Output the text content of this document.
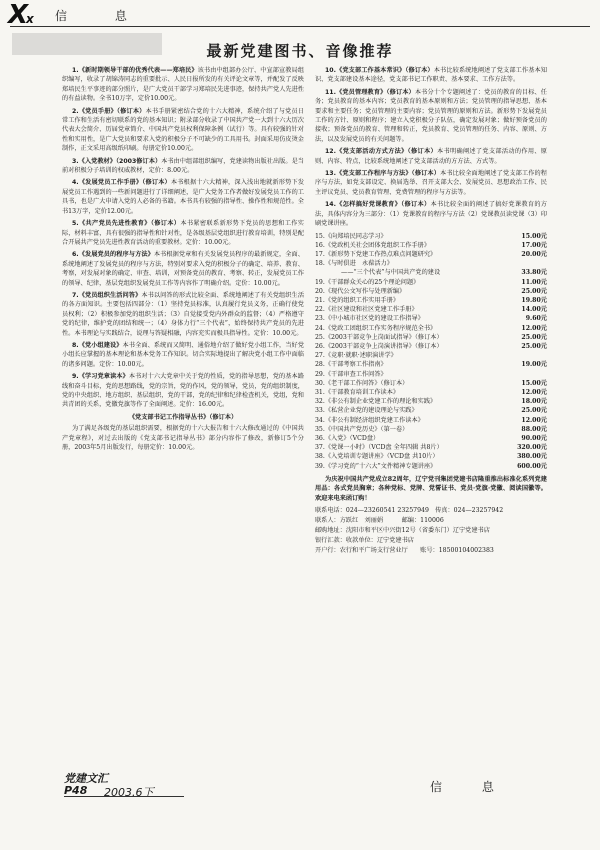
Xx 信 息
最新党建图书、音像推荐
1.《新时期领导干部的优秀代表——郑培民》该书由中组部办公厅、中宣部宣教局组织编写，收录了胡锦涛同志的重要批示、人民日报所发的有关评论文章等，并配发了反映郑培民生平事迹的部分照片，是广大党员干部学习郑培民先进事迹，保持共产党人先进性的有益读物。全书10万字，定价10.00元。
2.《党员手册》（修订本）本书手册紧密结合党的十六大精神，系统介绍了与党员日常工作和生活有密切联系的党的基本知识；附录部分收录了中国共产党一大到十六大历次代表大会简介、历届党章简介、中国共产党员权利保障条例（试行）等。具有较强的针对性和实用性，是广大党员和要求入党的积极分子不可缺少的工具用书。封面采用仿皮烫金制作，正文采用高级纸印刷。每册定价10.00元。
3.《入党教材》（2003修订本）本书由中组部组织编写，党建读物出版社出版。是当前对积极分子培训的权威教材，定价：8.00元。
4.《发展党员工作手册》（修订本）本书根据十六大精神，深入浅出地就新形势下发展党员工作遇到的一些新问题进行了详细阐述，是广大党务工作者做好发展党员工作的工具书，也是广大申请入党的人必备的书籍。本书具有较强的指导性、操作性和规范性。全书13万字，定价12.00元。
5.《共产党员先进性教育》（修订本）本书紧密联系新形势下党员的思想和工作实际，材料丰富，具有很强的指导性和针对性，是各级基层党组织进行教育培训，特别是配合开展共产党员先进性教育活动的重要教材。定价：10.00元。
6.《发展党员的程序与方法》本书根据党章和有关发展党员程序的最新规定，全面、系统地阐述了发展党员的程序与方法，特别对要求入党的积极分子的确定、培养、教育、考察，对发展对象的确定、审查、培训，对预备党员的教育、考察、转正，发展党员工作的领导、纪律，基层党组织发展党员工作等内容作了明确介绍。定价：10.00元。
7.《党员组织生活问答》本书以问答的形式比较全面、系统地阐述了有关党组织生活的各方面知识。主要包括四部分：（1）坚持党员标准，认真履行党员义务，正确行使党员权利；（2）积极参加党的组织生活；（3）自觉接受党内外群众的监督；（4）严格遵守党的纪律，维护党的团结和统一；（4）身体力行“三个代表”，始终保持共产党员的先进性。本书理论与实践结合，说理与答疑相融，内容充实而极具指导性。定价：10.00元。
8.《党小组建设》本书全面、系统而又简明、通俗地介绍了做好党小组工作，当好党小组长应掌握的基本理论和基本党务工作知识。切合实际地提出了解决党小组工作中面临的诸多问题。定价：10.00元。
9.《学习党章读本》本书对十六大党章中关于党的性质，党的指导思想，党的基本路线和奋斗目标，党的思想路线，党的宗旨，党的作风，党的领导，党员，党的组织制度，党的中央组织、地方组织、基层组织，党的干部，党的纪律和纪律检查机关，党组，党和共青团的关系，党徽党旗等作了全面阐述。定价：16.00元。
《党支部书记工作指导丛书》（修订本）
为了满足各级党的基层组织需要，根据党的十六大报告和十六大修改通过的《中国共产党章程》，对过去出版的《党支部书记指导丛书》部分内容作了修改，新修订5个分册，2003年5月出版发行，每册定价：10.00元。
10.《党支部工作基本常识》（修订本）本书比较系统地阐述了党支部工作基本知识、党支部建设基本途径，党支部书记工作职责、基本要求、工作方法等。
11.《党员管理教育》（修订本）本书分十个专题阐述了：党员的教育的目标、任务；党员教育的基本内容；党员教育的基本原则和方法；党员管理的指导思想、基本要求和主要任务；党员管理的主要内容；党员管理的原则和方法。新形势下发展党员工作的方针、原则和程序；建立入党积极分子队伍，确定发展对象；做好预备党员的接收；预备党员的教育、管理和转正，党员教育、党员管理的任务、内容、原则、方法，以及发展党员的有关问题等。
12.《党支部活动方式方法》（修订本）本书明确阐述了党支部活动的作用、原则、内容、特点，比较系统地阐述了党支部活动的方方法、方式等。
13.《党支部工作程序与方法》（修订本）本书比较全面地阐述了党支部工作的程序与方法，如党支部设定、换届选举、召开支部大会、发展党员、思想政治工作、民主评议党员、党员教育管理、党费管理的程序与方法等。
14.《怎样搞好党课教育》（修订本）本书比较全面的阐述了搞好党课教育的方法，具体内容分为三部分：（1）党课教育的程序与方法（2）党课教员读党课（3）印刷党课讲座。
15.《向郑培民同志学习》	15.00元
16.《党政机关社会团体党组织工作手册》	17.00元
17.《新形势下党建工作热点难点问题研究》	20.00元
18.《与时俱进　永葆活力》
——“三个代表”与中国共产党的建设	33.80元
19.《干部群众关心的25个理论问题》	11.00元
20.《现代公文写作与处理新编》	25.00元
21.《党的组织工作实用手册》	19.80元
22.《社区建设和社区党建工作手册》	14.00元
23.《中小城市社区党的建设工作指导》	9.60元
24.《党政工团组织工作实务程序规范全书》	12.00元
25.《2003干部竞争上岗面试指导》（修订本）	25.00元
26.《2003干部竞争上岗演讲指导》（修订本）	25.00元
27.《竞职·就职·述职演讲学》
28.《干部考察工作指南》	19.00元
29.《干部审查工作问答》
30.《老干部工作问答》（修订本）	15.00元
31.《干部教育培训工作读本》	12.00元
32.《非公有制企业党建工作的理论和实践》	18.00元
33.《私营企业党的建设理论与实践》	25.00元
34.《非公有制经济组织党建工作读本》	12.00元
35.《中国共产党历史》（第一卷）	88.00元
36.《入党》（VCD盘）	90.00元
37.《党课一小时》（VCD盘 全年四辑 共8片）	320.00元
38.《入党培训专题讲座》（VCD盘 共10片）	380.00元
39.《学习党的“十六大”文件精神专题讲座》	600.00元
为庆祝中国共产党成立82周年，辽宁党刊集团党建书店隆重推出标准化系列党建用品：各式党员胸章；各种党标、党牌、党誓证书、党员·党旗·党徽、阅读国徽等。欢迎来电来函订购！
联系电话：024—23260541 23257949　传真：024—23257942
联系人：方跃红　刘丽娟　　　邮编：110006
邮购地址：沈阳市和平区中兴街12号（省委东门）辽宁党建书店
银行汇款：收款单位：辽宁党建书店
开户行：农行和平广场支行营业厅　　账号：18500104002383
党建文汇
P48 2003.6下	信 息
